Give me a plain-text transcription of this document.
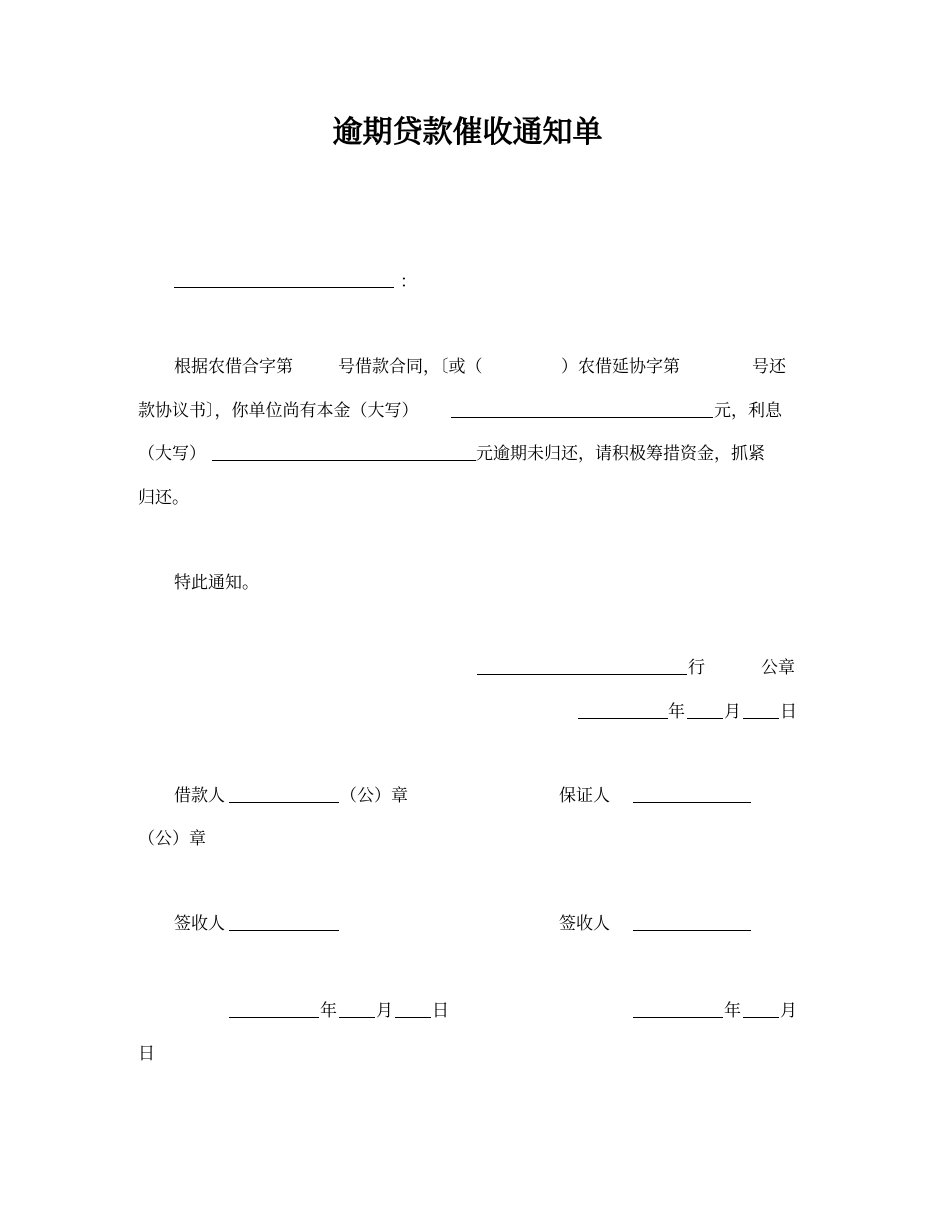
逾期贷款催收通知单
：
根据农借合字第	号借款合同，〔或（	）农借延协字第	号还
款协议书〕，你单位尚有本金（大写）	元，利息
（大写）	元逾期未归还，请积极筹措资金，抓紧
归还。
特此通知。
行	公章
年 月 日
借款人	（公）章	保证人
（公）章
签收人	签收人
年 月 日	年 月
日
